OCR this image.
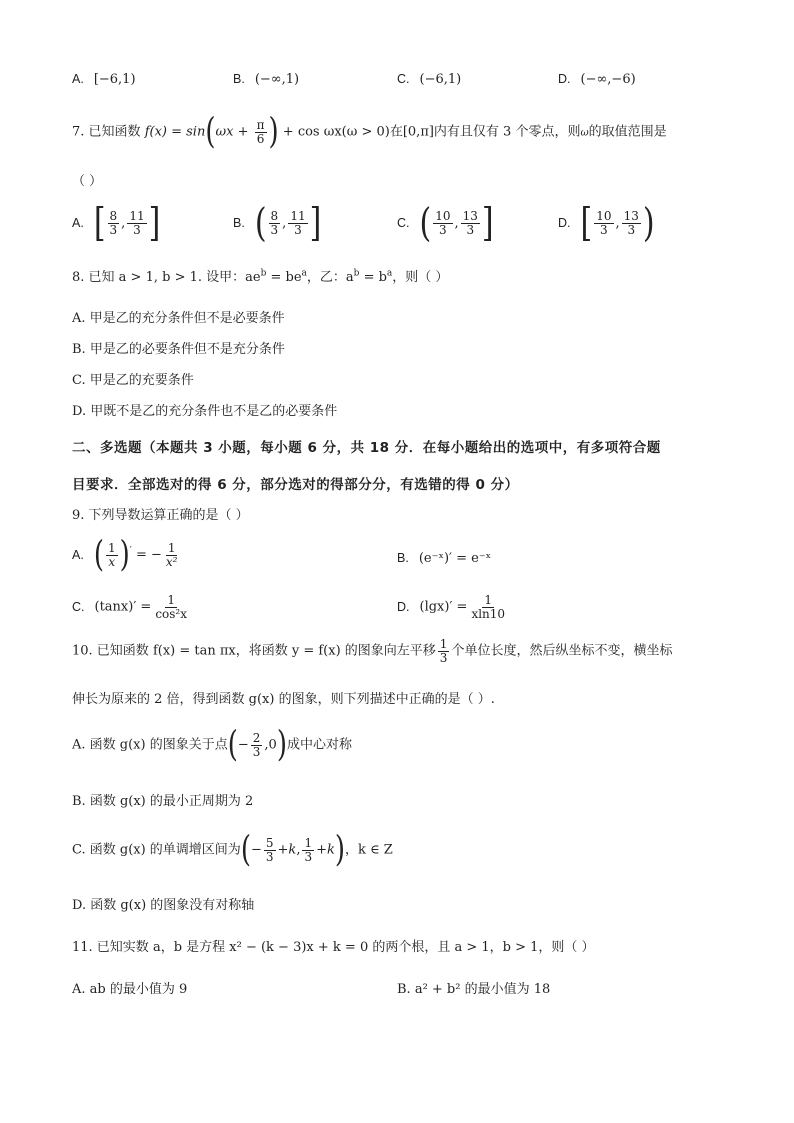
A. [−6,1)	B. (−∞,1)	C. (−6,1)	D. (−∞,−6)
7. 已知函数 $f(x) = \sin(\omega x + \frac{\pi}{6}$ ) + cos ωx(ω > 0)在[0,π]内有且仅有 3 个零点，则ω的取值范围是
（ ）
A. [ $\frac{8}{3}$ , $\frac{11}{3}$ ]	B. ( $\frac{8}{3}$ , $\frac{11}{3}$ ]	C. ( $\frac{10}{3}$ , $\frac{13}{3}$ ]	D. [ $\frac{10}{3}$ , $\frac{13}{3}$ )
8. 已知 a > 1, b > 1. 设甲：$ae^b = be^a$，乙：$a^b = b^a$，则（ ）
A. 甲是乙的充分条件但不是必要条件
B. 甲是乙的必要条件但不是充分条件
C. 甲是乙的充要条件
D. 甲既不是乙的充分条件也不是乙的必要条件
二、多选题（本题共 3 小题，每小题 6 分，共 18 分．在每小题给出的选项中，有多项符合题
目要求．全部选对的得 6 分，部分选对的得部分分，有选错的得 0 分）
9. 下列导数运算正确的是（ ）
A. ( $\frac{1}{x} )'$ = − $\frac{1}{\text{x²}}$	B. (e⁻ˣ)′ = e⁻ˣ
C. $(\tan x)' = \frac{1}{\text{cos²x}}$	D. $(\lg x)' = \frac{1}{xln10}$
10. 已知函数 f(x) = tan πx，将函数 y = f(x) 的图象向左平移 $\frac{1}{3}$ 个单位长度，然后纵坐标不变，横坐标
伸长为原来的 2 倍，得到函数 g(x) 的图象，则下列描述中正确的是（ ）.
A. 函数 g(x) 的图象关于点(− $\frac{2}{3} ,0$)成中心对称
B. 函数 g(x) 的最小正周期为 2
C. 函数 g(x) 的单调增区间为(− $\frac{5}{3} +k$, $\frac{1}{3} +k$)，k ∈ Z
D. 函数 g(x) 的图象没有对称轴
11. 已知实数 a，b 是方程 x² − (k − 3)x + k = 0 的两个根，且 a > 1，b > 1，则（ ）
A. ab 的最小值为 9	B. a² + b² 的最小值为 18
